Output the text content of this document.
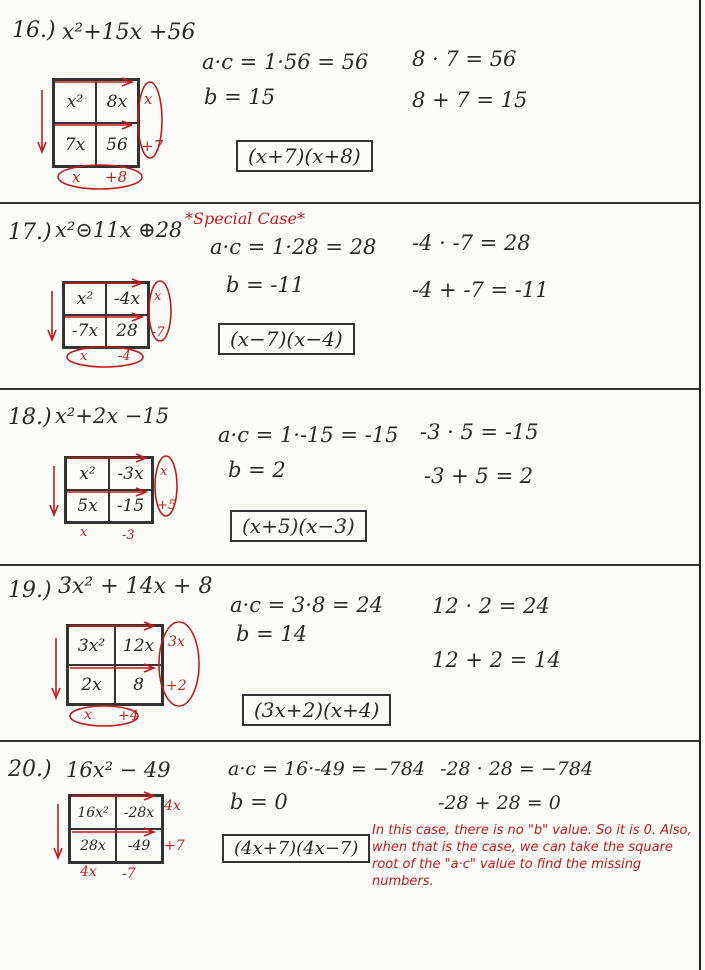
16.) x²+15x +56
x²	8x
7x	56
x
+7
x +8
a·c = 1·56 = 56
b = 15
8 · 7 = 56
8 + 7 = 15
(x+7)(x+8)
17.) x²⊝11x ⊕28 *Special Case*
x²	-4x
-7x	28
x
-7
x -4
a·c = 1·28 = 28
b = -11
-4 · -7 = 28
-4 + -7 = -11
(x−7)(x−4)
18.) x²+2x −15
x²	-3x
5x	-15
x
+5
x	-3
a·c = 1·-15 = -15
b = 2
-3 · 5 = -15
-3 + 5 = 2
(x+5)(x−3)
19.) 3x² + 14x + 8
3x²	12x
2x	8
3x
+2
x +4
a·c = 3·8 = 24
b = 14
12 · 2 = 24
12 + 2 = 14
(3x+2)(x+4)
20.) 16x² − 49
16x²	-28x
28x	-49
4x
+7
4x -7
a·c = 16·-49 = −784
b = 0
-28 · 28 = −784
-28 + 28 = 0
(4x+7)(4x−7)
In this case, there is no "b" value. So it is 0. Also, when that is the case, we can take the square root of the "a·c" value to find the missing numbers.
